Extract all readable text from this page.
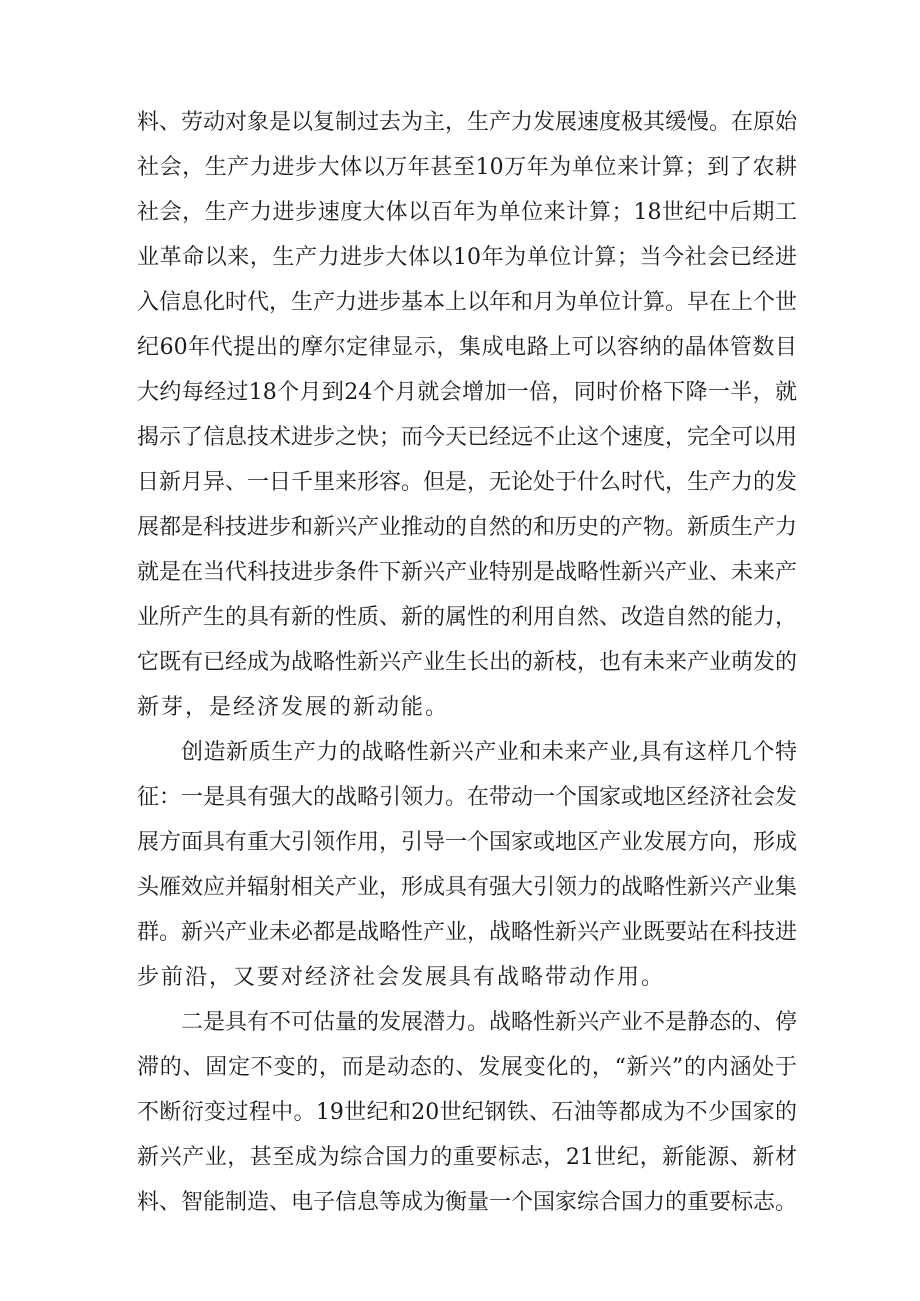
料、劳动对象是以复制过去为主，生产力发展速度极其缓慢。在原始
社会，生产力进步大体以万年甚至10万年为单位来计算；到了农耕
社会，生产力进步速度大体以百年为单位来计算；18世纪中后期工
业革命以来，生产力进步大体以10年为单位计算；当今社会已经进
入信息化时代，生产力进步基本上以年和月为单位计算。早在上个世
纪60年代提出的摩尔定律显示，集成电路上可以容纳的晶体管数目
大约每经过18个月到24个月就会增加一倍，同时价格下降一半，就
揭示了信息技术进步之快；而今天已经远不止这个速度，完全可以用
日新月异、一日千里来形容。但是，无论处于什么时代，生产力的发
展都是科技进步和新兴产业推动的自然的和历史的产物。新质生产力
就是在当代科技进步条件下新兴产业特别是战略性新兴产业、未来产
业所产生的具有新的性质、新的属性的利用自然、改造自然的能力，
它既有已经成为战略性新兴产业生长出的新枝，也有未来产业萌发的
新芽，是经济发展的新动能。
创造新质生产力的战略性新兴产业和未来产业,具有这样几个特
征：一是具有强大的战略引领力。在带动一个国家或地区经济社会发
展方面具有重大引领作用，引导一个国家或地区产业发展方向，形成
头雁效应并辐射相关产业，形成具有强大引领力的战略性新兴产业集
群。新兴产业未必都是战略性产业，战略性新兴产业既要站在科技进
步前沿，又要对经济社会发展具有战略带动作用。
二是具有不可估量的发展潜力。战略性新兴产业不是静态的、停
滞的、固定不变的，而是动态的、发展变化的，“新兴”的内涵处于
不断衍变过程中。19世纪和20世纪钢铁、石油等都成为不少国家的
新兴产业，甚至成为综合国力的重要标志，21世纪，新能源、新材
料、智能制造、电子信息等成为衡量一个国家综合国力的重要标志。
